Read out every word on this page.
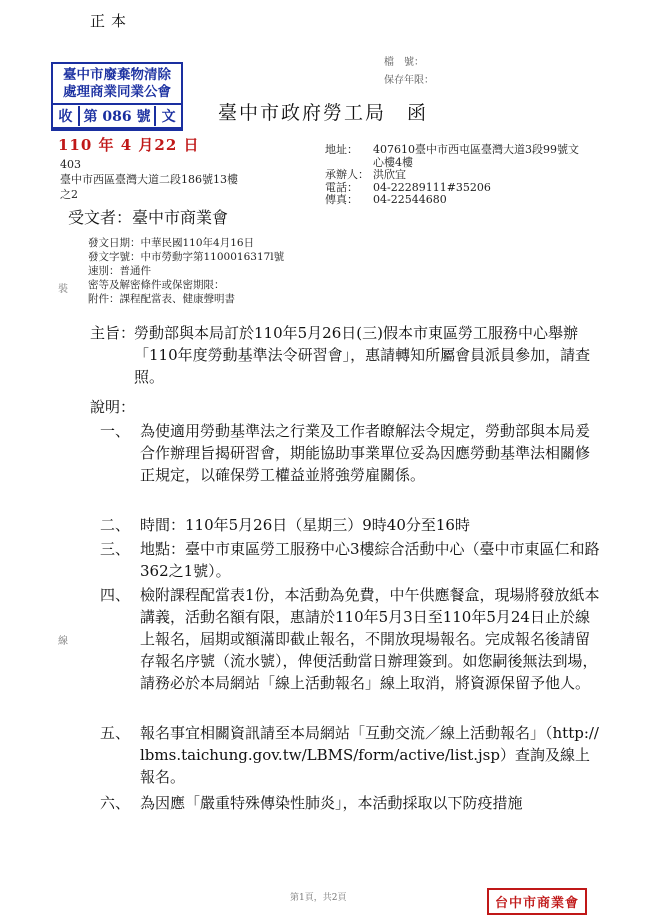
正本
臺中市廢棄物清除處理商業同業公會
收 第 086 號 文
110 年 4 月22 日
403
臺中市西區臺灣大道二段186號13樓
之2
檔　號：
保存年限：
臺中市政府勞工局　函
地址：	407610臺中市西屯區臺灣大道3段99號文心樓4樓
承辦人： 洪欣宜
電話：	04-22289111#35206
傳真：	04-22544680
受文者：臺中市商業會
發文日期：中華民國110年4月16日
發文字號：中市勞動字第1100016317l號
速別：普通件
密等及解密條件或保密期限：
附件：課程配當表、健康聲明書
裝
線
主旨：
勞動部與本局訂於110年5月26日(三)假本市東區勞工服務中心舉辦「110年度勞動基準法令研習會」，惠請轉知所屬會員派員參加，請查照。
說明：
一、 為使適用勞動基準法之行業及工作者瞭解法令規定，勞動部與本局爰合作辦理旨揭研習會，期能協助事業單位妥為因應勞動基準法相關修正規定，以確保勞工權益並將強勞雇關係。
二、 時間：110年5月26日（星期三）9時40分至16時
三、 地點：臺中市東區勞工服務中心3樓綜合活動中心（臺中市東區仁和路362之1號）。
四、 檢附課程配當表1份，本活動為免費，中午供應餐盒，現場將發放紙本講義，活動名額有限，惠請於110年5月3日至110年5月24日止於線上報名，屆期或額滿即截止報名，不開放現場報名。完成報名後請留存報名序號（流水號），俾便活動當日辦理簽到。如您嗣後無法到場，請務必於本局網站「線上活動報名」線上取消，將資源保留予他人。
五、 報名事宜相關資訊請至本局網站「互動交流／線上活動報名」（http://lbms.taichung.gov.tw/LBMS/form/active/list.jsp）查詢及線上報名。
六、 為因應「嚴重特殊傳染性肺炎」，本活動採取以下防疫措施
第1頁，共2頁	台中市商業會
